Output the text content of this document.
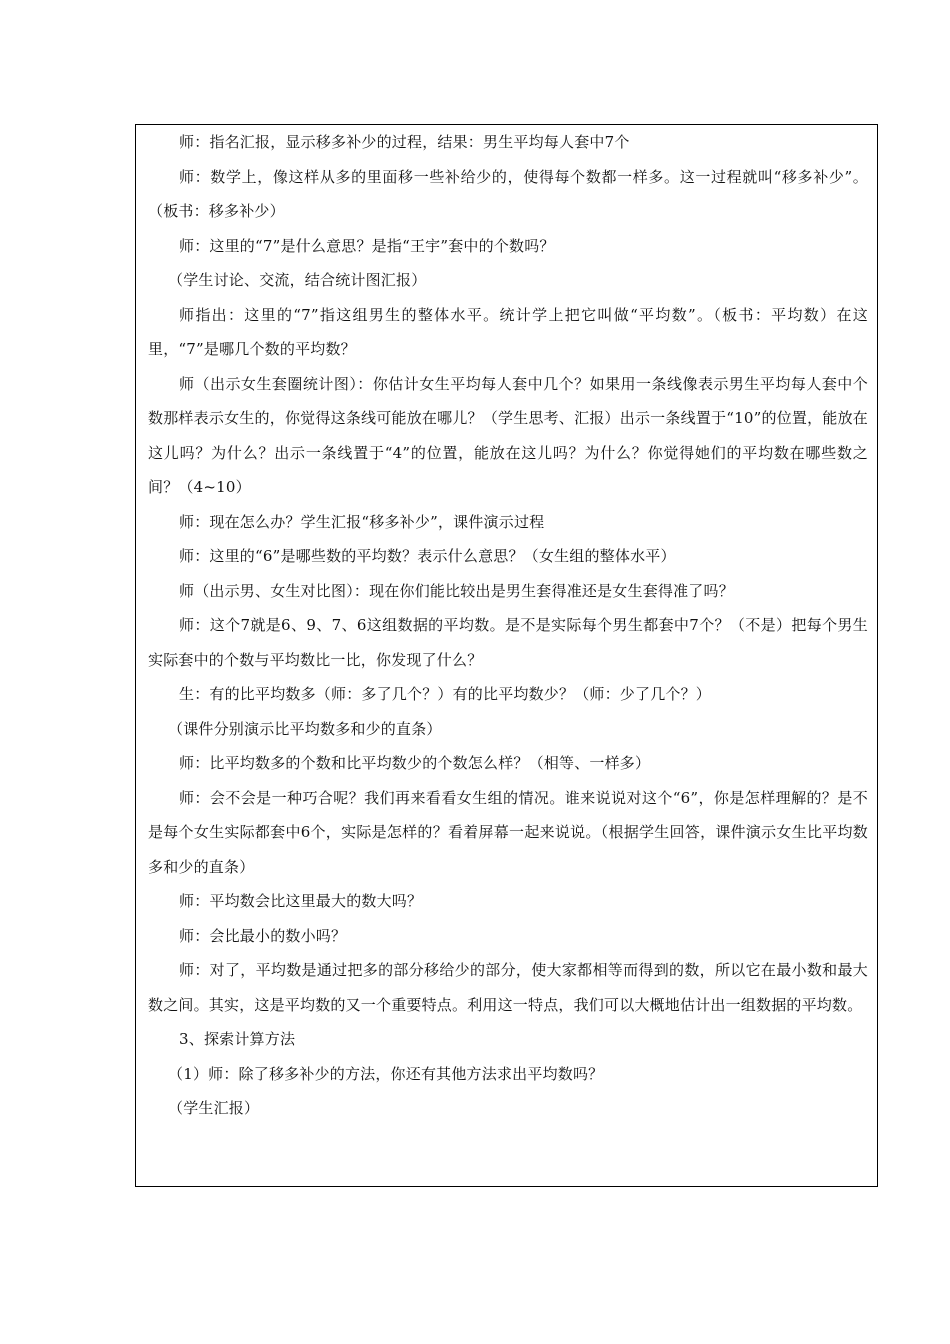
师：指名汇报，显示移多补少的过程，结果：男生平均每人套中7个

师：数学上，像这样从多的里面移一些补给少的，使得每个数都一样多。这一过程就叫“移多补少”。（板书：移多补少）

师：这里的“7”是什么意思？是指“王宇”套中的个数吗？

（学生讨论、交流，结合统计图汇报）

师指出：这里的“7”指这组男生的整体水平。统计学上把它叫做“平均数”。（板书：平均数）在这里，“7”是哪几个数的平均数？

师（出示女生套圈统计图）：你估计女生平均每人套中几个？如果用一条线像表示男生平均每人套中个数那样表示女生的，你觉得这条线可能放在哪儿？（学生思考、汇报）出示一条线置于“10”的位置，能放在这儿吗？为什么？出示一条线置于“4”的位置，能放在这儿吗？为什么？你觉得她们的平均数在哪些数之间？（4~10）

师：现在怎么办？学生汇报“移多补少”，课件演示过程

师：这里的“6”是哪些数的平均数？表示什么意思？（女生组的整体水平）

师（出示男、女生对比图）：现在你们能比较出是男生套得准还是女生套得准了吗？

师：这个7就是6、9、7、6这组数据的平均数。是不是实际每个男生都套中7个？（不是）把每个男生实际套中的个数与平均数比一比，你发现了什么？

生：有的比平均数多（师：多了几个？）有的比平均数少？（师：少了几个？）

（课件分别演示比平均数多和少的直条）

师：比平均数多的个数和比平均数少的个数怎么样？（相等、一样多）

师：会不会是一种巧合呢？我们再来看看女生组的情况。谁来说说对这个“6”，你是怎样理解的？是不是每个女生实际都套中6个，实际是怎样的？看着屏幕一起来说说。（根据学生回答，课件演示女生比平均数多和少的直条）

师：平均数会比这里最大的数大吗？

师：会比最小的数小吗？

师：对了，平均数是通过把多的部分移给少的部分，使大家都相等而得到的数，所以它在最小数和最大数之间。其实，这是平均数的又一个重要特点。利用这一特点，我们可以大概地估计出一组数据的平均数。

3、探索计算方法

（1）师：除了移多补少的方法，你还有其他方法求出平均数吗？

（学生汇报）
